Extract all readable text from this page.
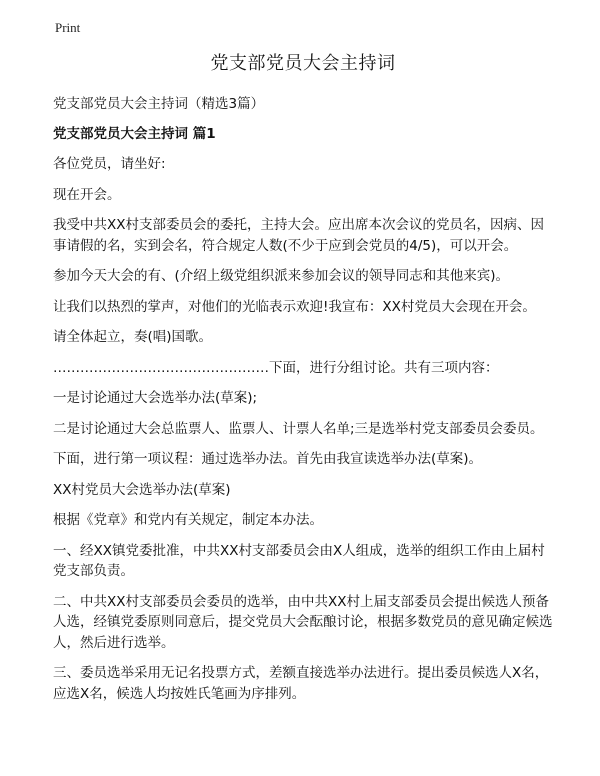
Print
党支部党员大会主持词
党支部党员大会主持词（精选3篇）
党支部党员大会主持词 篇1

各位党员，请坐好:

现在开会。

我受中共XX村支部委员会的委托，主持大会。应出席本次会议的党员名，因病、因事请假的名，实到会名，符合规定人数(不少于应到会党员的4/5)，可以开会。

参加今天大会的有、(介绍上级党组织派来参加会议的领导同志和其他来宾)。

让我们以热烈的掌声，对他们的光临表示欢迎!我宣布：XX村党员大会现在开会。

请全体起立，奏(唱)国歌。

…………………………………………下面，进行分组讨论。共有三项内容：

一是讨论通过大会选举办法(草案);

二是讨论通过大会总监票人、监票人、计票人名单;三是选举村党支部委员会委员。

下面，进行第一项议程：通过选举办法。首先由我宣读选举办法(草案)。

XX村党员大会选举办法(草案)

根据《党章》和党内有关规定，制定本办法。

一、经XX镇党委批准，中共XX村支部委员会由X人组成，选举的组织工作由上届村党支部负责。

二、中共XX村支部委员会委员的选举，由中共XX村上届支部委员会提出候选人预备人选，经镇党委原则同意后，提交党员大会酝酿讨论，根据多数党员的意见确定候选人，然后进行选举。

三、委员选举采用无记名投票方式，差额直接选举办法进行。提出委员候选人X名，应选X名，候选人均按姓氏笔画为序排列。
